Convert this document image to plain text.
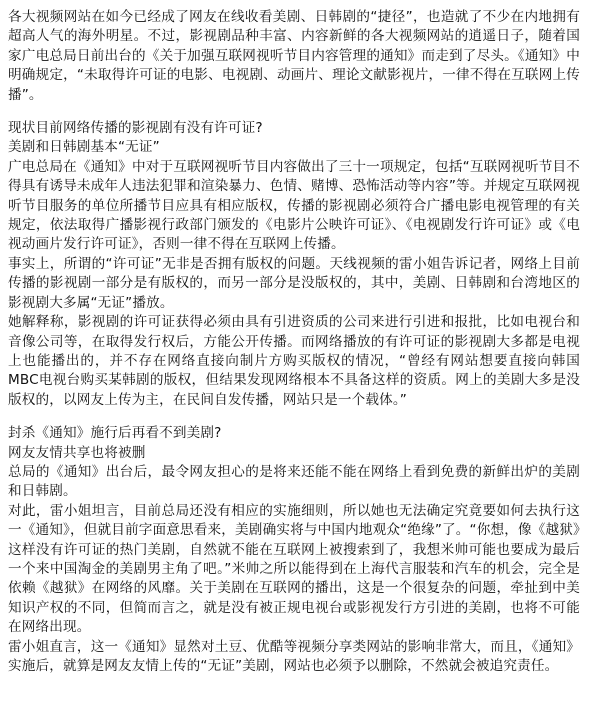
各大视频网站在如今已经成了网友在线收看美剧、日韩剧的“捷径”，也造就了不少在内地拥有超高人气的海外明星。不过，影视剧品种丰富、内容新鲜的各大视频网站的逍遥日子，随着国家广电总局日前出台的《关于加强互联网视听节目内容管理的通知》而走到了尽头。《通知》中明确规定，“未取得许可证的电影、电视剧、动画片、理论文献影视片，一律不得在互联网上传播”。

现状目前网络传播的影视剧有没有许可证?

美剧和日韩剧基本“无证”

广电总局在《通知》中对于互联网视听节目内容做出了三十一项规定，包括“互联网视听节目不得具有诱导未成年人违法犯罪和渲染暴力、色情、赌博、恐怖活动等内容”等。并规定互联网视听节目服务的单位所播节目应具有相应版权，传播的影视剧必须符合广播电影电视管理的有关规定，依法取得广播影视行政部门颁发的《电影片公映许可证》、《电视剧发行许可证》或《电视动画片发行许可证》，否则一律不得在互联网上传播。

事实上，所谓的“许可证”无非是否拥有版权的问题。天线视频的雷小姐告诉记者，网络上目前传播的影视剧一部分是有版权的，而另一部分是没版权的，其中，美剧、日韩剧和台湾地区的影视剧大多属“无证”播放。

她解释称，影视剧的许可证获得必须由具有引进资质的公司来进行引进和报批，比如电视台和音像公司等，在取得发行权后，方能公开传播。而网络播放的有许可证的影视剧大多都是电视上也能播出的，并不存在网络直接向制片方购买版权的情况，“曾经有网站想要直接向韩国MBC电视台购买某韩剧的版权，但结果发现网络根本不具备这样的资质。网上的美剧大多是没版权的，以网友上传为主，在民间自发传播，网站只是一个载体。”

封杀《通知》施行后再看不到美剧?

网友友情共享也将被删

总局的《通知》出台后，最令网友担心的是将来还能不能在网络上看到免费的新鲜出炉的美剧和日韩剧。

对此，雷小姐坦言，目前总局还没有相应的实施细则，所以她也无法确定究竟要如何去执行这一《通知》，但就目前字面意思看来，美剧确实将与中国内地观众“绝缘”了。“你想，像《越狱》这样没有许可证的热门美剧，自然就不能在互联网上被搜索到了，我想米帅可能也要成为最后一个来中国淘金的美剧男主角了吧。”米帅之所以能得到在上海代言服装和汽车的机会，完全是依赖《越狱》在网络的风靡。关于美剧在互联网的播出，这是一个很复杂的问题，牵扯到中美知识产权的不同，但简而言之，就是没有被正规电视台或影视发行方引进的美剧，也将不可能在网络出现。

雷小姐直言，这一《通知》显然对土豆、优酷等视频分享类网站的影响非常大，而且，《通知》实施后，就算是网友友情上传的“无证”美剧，网站也必须予以删除，不然就会被追究责任。
